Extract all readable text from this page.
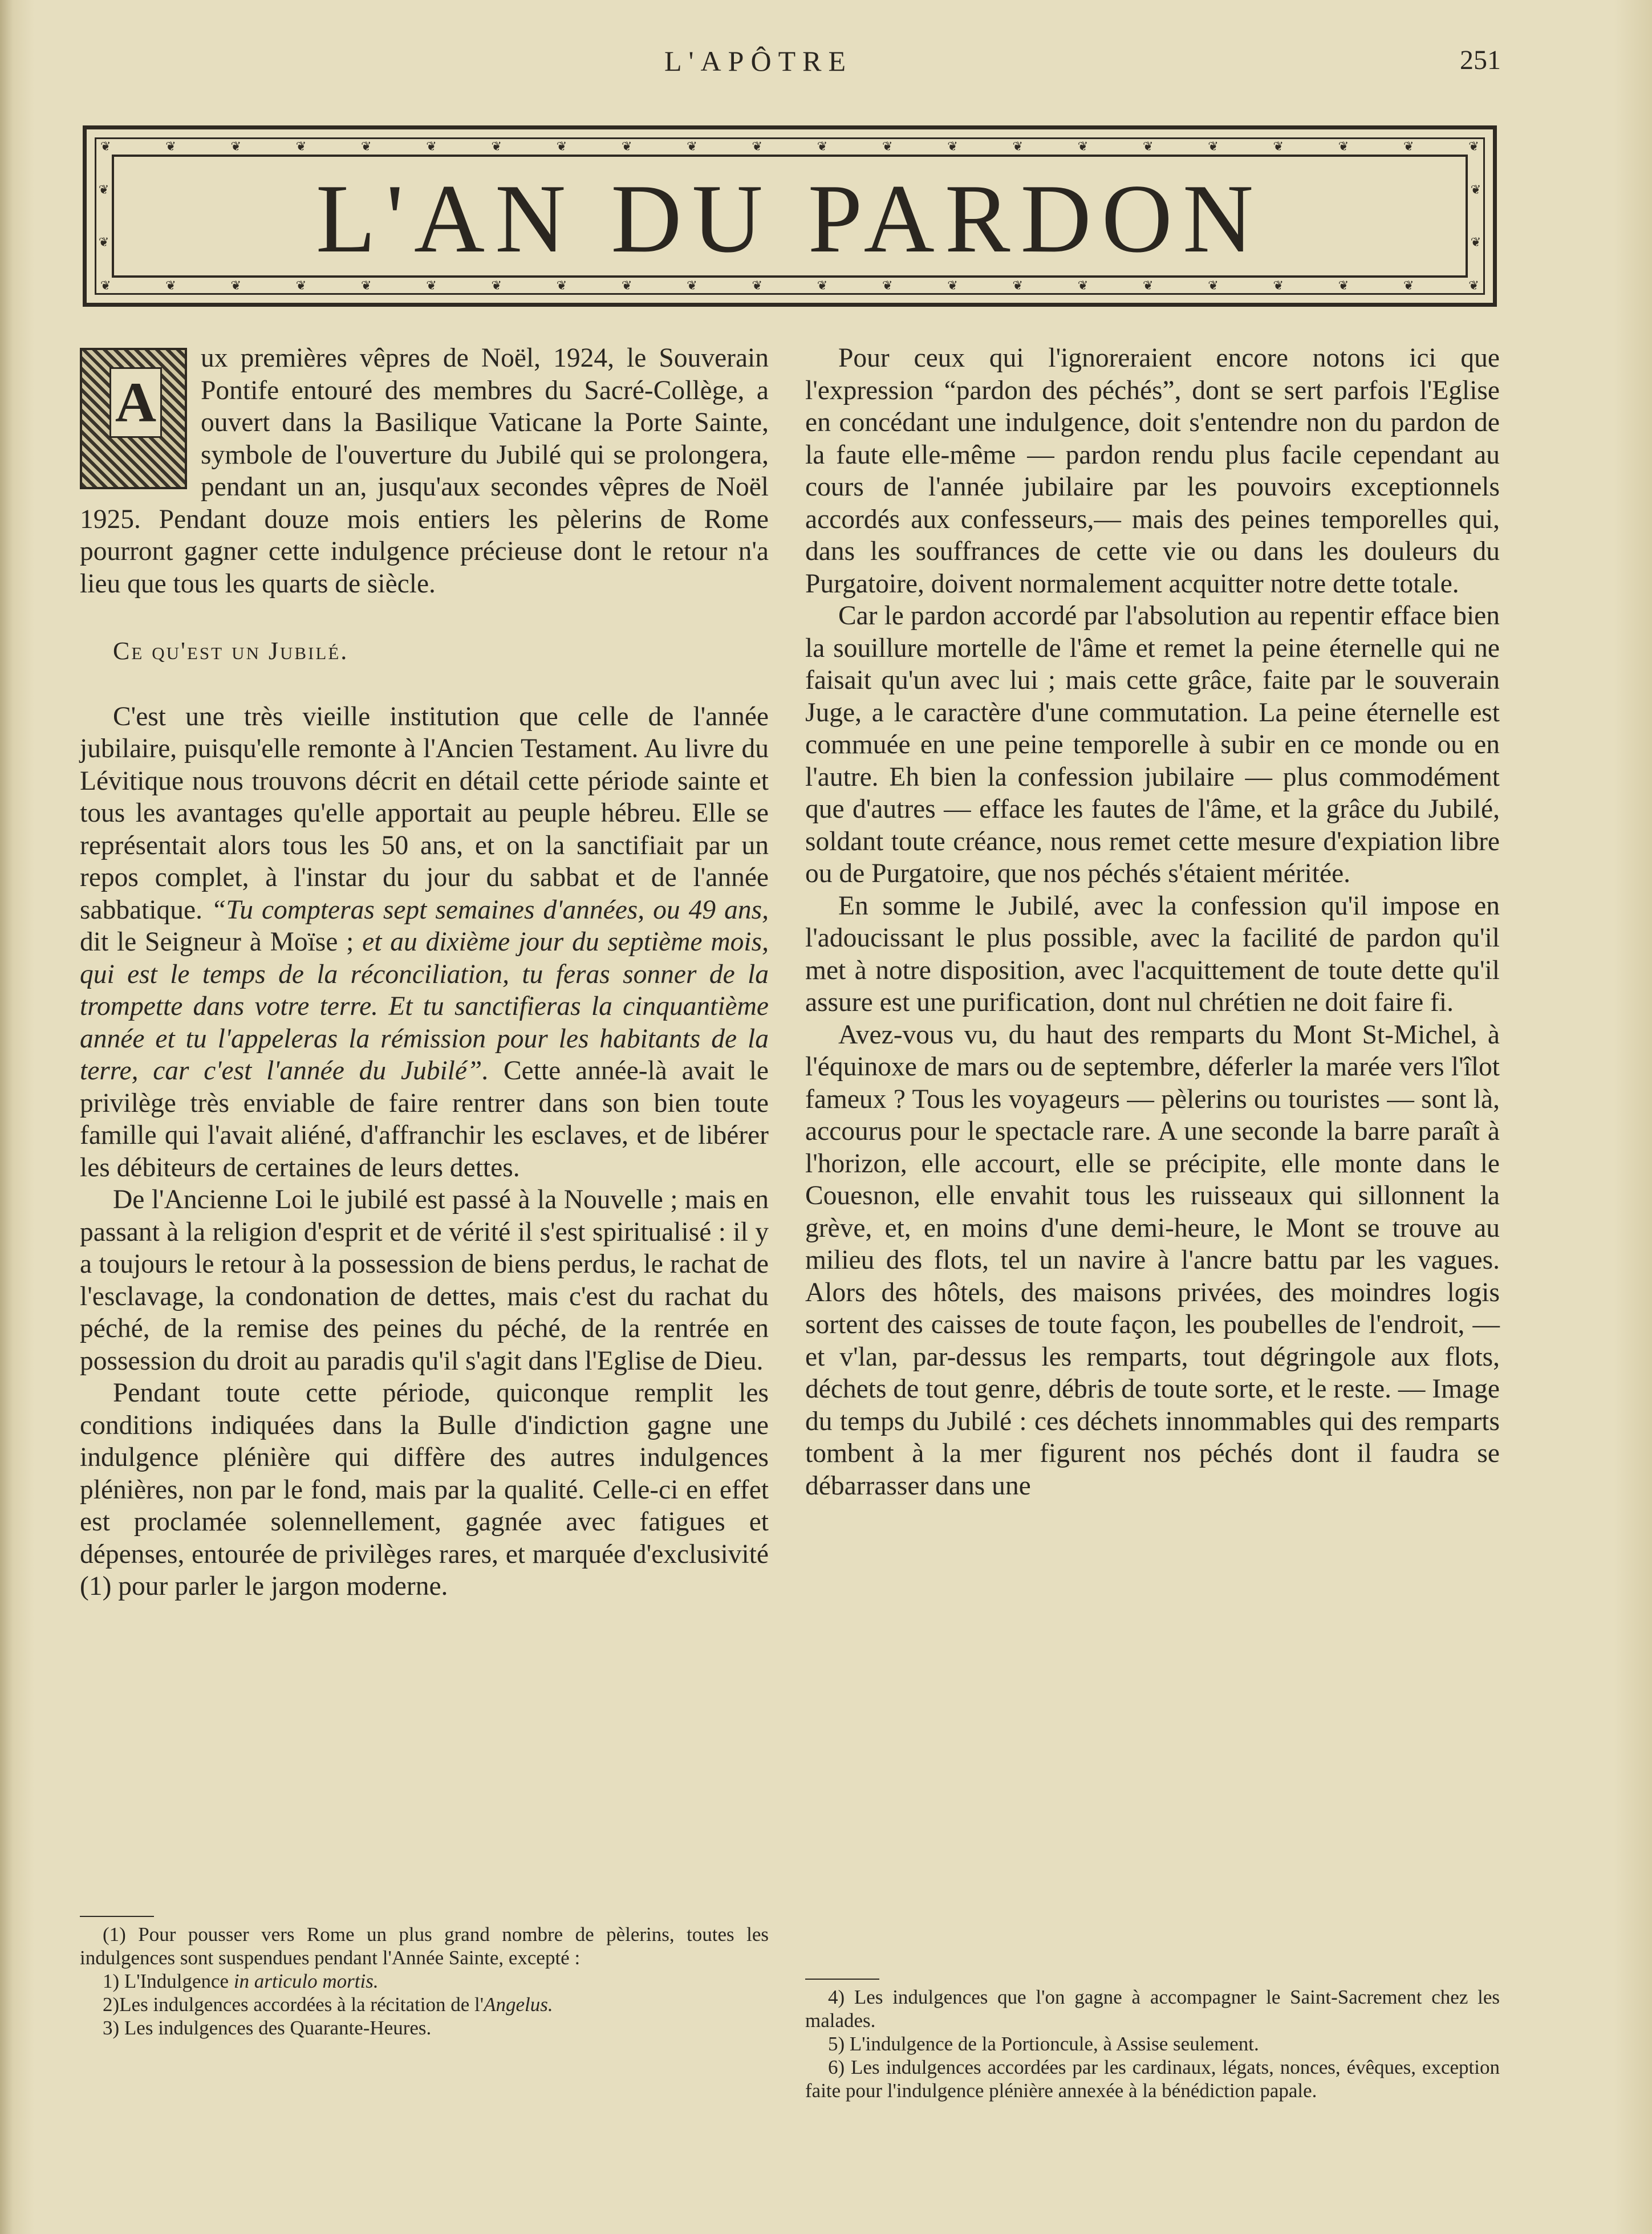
L'APÔTRE	251
❦	❦	❦	❦	❦	❦	❦	❦	❦	❦	❦	❦	❦	❦	❦	❦	❦	❦	❦	❦	❦	❦
❦
❦	L'AN DU PARDON	❦
❦
❦	❦	❦	❦	❦	❦	❦	❦	❦	❦	❦	❦	❦	❦	❦	❦	❦	❦	❦	❦	❦	❦

A
ux premières vêpres de Noël, 1924, le Souverain Pontife entouré des membres du Sacré-Collège, a ouvert dans la Basilique Vaticane la Porte Sainte, symbole de l'ouverture du Jubilé qui se prolongera, pendant un an, jusqu'aux secondes vêpres de Noël 1925. Pendant douze mois entiers les pèlerins de Rome pourront gagner cette indulgence précieuse dont le retour n'a lieu que tous les quarts de siècle.

Ce qu'est un Jubilé.

C'est une très vieille institution que celle de l'année jubilaire, puisqu'elle remonte à l'Ancien Testament. Au livre du Lévitique nous trouvons décrit en détail cette période sainte et tous les avantages qu'elle apportait au peuple hébreu. Elle se représentait alors tous les 50 ans, et on la sanctifiait par un repos complet, à l'instar du jour du sabbat et de l'année sabbatique. “Tu compteras sept semaines d'années, ou 49 ans, dit le Seigneur à Moïse ; et au dixième jour du septième mois, qui est le temps de la réconciliation, tu feras sonner de la trompette dans votre terre. Et tu sanctifieras la cinquantième année et tu l'appeleras la rémission pour les habitants de la terre, car c'est l'année du Jubilé”. Cette année-là avait le privilège très enviable de faire rentrer dans son bien toute famille qui l'avait aliéné, d'affranchir les esclaves, et de libérer les débiteurs de certaines de leurs dettes.

De l'Ancienne Loi le jubilé est passé à la Nouvelle ; mais en passant à la religion d'esprit et de vérité il s'est spiritualisé : il y a toujours le retour à la possession de biens perdus, le rachat de l'esclavage, la condonation de dettes, mais c'est du rachat du péché, de la remise des peines du péché, de la rentrée en possession du droit au paradis qu'il s'agit dans l'Eglise de Dieu.

Pendant toute cette période, quiconque remplit les conditions indiquées dans la Bulle d'indiction gagne une indulgence plénière qui diffère des autres indulgences plénières, non par le fond, mais par la qualité. Celle-ci en effet est proclamée solennellement, gagnée avec fatigues et dépenses, entourée de privilèges rares, et marquée d'exclusivité (1) pour parler le jargon moderne.

(1) Pour pousser vers Rome un plus grand nombre de pèlerins, toutes les indulgences sont suspendues pendant l'Année Sainte, excepté :

1) L'Indulgence in articulo mortis.

2)Les indulgences accordées à la récitation de l'Angelus.

3) Les indulgences des Quarante-Heures.

Pour ceux qui l'ignoreraient encore notons ici que l'expression “pardon des péchés”, dont se sert parfois l'Eglise en concédant une indulgence, doit s'entendre non du pardon de la faute elle-même — pardon rendu plus facile cependant au cours de l'année jubilaire par les pouvoirs exceptionnels accordés aux confesseurs,— mais des peines temporelles qui, dans les souffrances de cette vie ou dans les douleurs du Purgatoire, doivent normalement acquitter notre dette totale.

Car le pardon accordé par l'absolution au repentir efface bien la souillure mortelle de l'âme et remet la peine éternelle qui ne faisait qu'un avec lui ; mais cette grâce, faite par le souverain Juge, a le caractère d'une commutation. La peine éternelle est commuée en une peine temporelle à subir en ce monde ou en l'autre. Eh bien la confession jubilaire — plus commodément que d'autres — efface les fautes de l'âme, et la grâce du Jubilé, soldant toute créance, nous remet cette mesure d'expiation libre ou de Purgatoire, que nos péchés s'étaient méritée.

En somme le Jubilé, avec la confession qu'il impose en l'adoucissant le plus possible, avec la facilité de pardon qu'il met à notre disposition, avec l'acquittement de toute dette qu'il assure est une purification, dont nul chrétien ne doit faire fi.

Avez-vous vu, du haut des remparts du Mont St-Michel, à l'équinoxe de mars ou de septembre, déferler la marée vers l'îlot fameux ? Tous les voyageurs — pèlerins ou touristes — sont là, accourus pour le spectacle rare. A une seconde la barre paraît à l'horizon, elle accourt, elle se précipite, elle monte dans le Couesnon, elle envahit tous les ruisseaux qui sillonnent la grève, et, en moins d'une demi-heure, le Mont se trouve au milieu des flots, tel un navire à l'ancre battu par les vagues. Alors des hôtels, des maisons privées, des moindres logis sortent des caisses de toute façon, les poubelles de l'endroit, — et v'lan, par-dessus les remparts, tout dégringole aux flots, déchets de tout genre, débris de toute sorte, et le reste. — Image du temps du Jubilé : ces déchets innommables qui des remparts tombent à la mer figurent nos péchés dont il faudra se débarrasser dans une

4) Les indulgences que l'on gagne à accompagner le Saint-Sacrement chez les malades.

5) L'indulgence de la Portioncule, à Assise seulement.

6) Les indulgences accordées par les cardinaux, légats, nonces, évêques, exception faite pour l'indulgence plénière annexée à la bénédiction papale.
